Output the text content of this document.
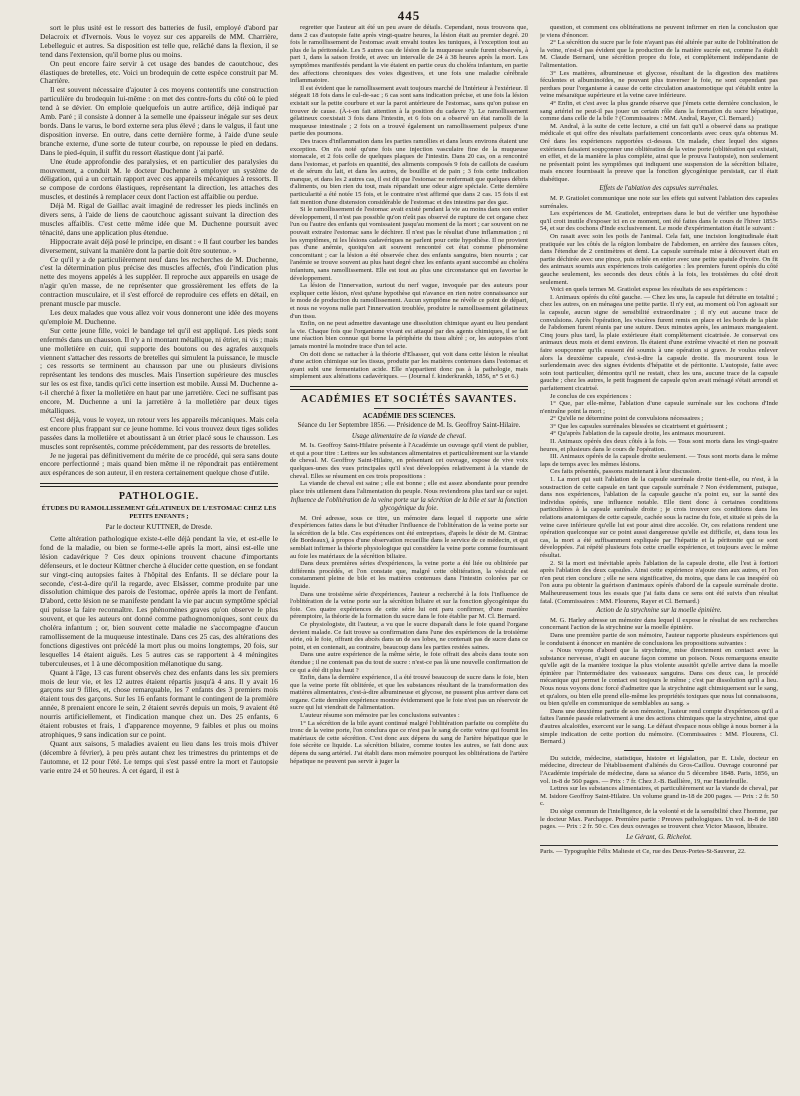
445

sort le plus usité est le ressort des batteries de fusil, employé d'abord par Delacroix et d'Ivernois. Vous le voyez sur ces appareils de MM. Charrière, Lebelleguic et autres. Sa disposition est telle que, relâché dans la flexion, il se tend dans l'extension, qu'il borne plus ou moins.

On peut encore faire servir à cet usage des bandes de caoutchouc, des élastiques de bretelles, etc. Voici un brodequin de cette espèce construit par M. Charrière.

Il est souvent nécessaire d'ajouter à ces moyens contentifs une construction particulière du brodequin lui-même : on met des contre-forts du côté où le pied tend à se dévier. On emploie quelquefois un autre artifice, déjà indiqué par Amb. Paré ; il consiste à donner à la semelle une épaisseur inégale sur ses deux bords. Dans le varus, le bord externe sera plus élevé ; dans le valgus, il faut une disposition inverse. En outre, dans cette dernière forme, à l'aide d'une seule branche externe, d'une sorte de tuteur courbe, on repousse le pied en dedans. Dans le pied-équin, il suffit du ressort élastique dont j'ai parlé.

Une étude approfondie des paralysies, et en particulier des paralysies du mouvement, a conduit M. le docteur Duchenne à employer un système de déligation, qui a un certain rapport avec ces appareils mécaniques à ressorts. Il se compose de cordons élastiques, représentant la direction, les attaches des muscles, et destinés à remplacer ceux dont l'action est affaiblie ou perdue.

Déjà M. Rigal de Gaillac avait imaginé de redresser les pieds inclinés en divers sens, à l'aide de liens de caoutchouc agissant suivant la direction des muscles affaiblis. C'est cette même idée que M. Duchenne poursuit avec ténacité, dans une application plus étendue.

Hippocrate avait déjà posé le principe, en disant : « Il faut courber les bandes diversement, suivant la manière dont la partie doit être soutenue. »

Ce qu'il y a de particulièrement neuf dans les recherches de M. Duchenne, c'est la détermination plus précise des muscles affectés, d'où l'indication plus nette des moyens appelés à les suppléer. Il reproche aux appareils en usage de n'agir qu'en masse, de ne représenter que grossièrement les effets de la contraction musculaire, et il s'est efforcé de reproduire ces effets en détail, en prenant muscle par muscle.

Les deux malades que vous allez voir vous donneront une idée des moyens qu'emploie M. Duchenne.

Sur cette jeune fille, voici le bandage tel qu'il est appliqué. Les pieds sont enfermés dans un chausson. Il n'y a ni montant métallique, ni étrier, ni vis ; mais une molletière en cuir, qui supporte des boutons ou des agrafes auxquels viennent s'attacher des ressorts de bretelles qui simulent la puissance, le muscle ; ces ressorts se terminent au chausson par une ou plusieurs divisions représentant les tendons des muscles. Mais l'insertion supérieure des muscles sur les os est fixe, tandis qu'ici cette insertion est mobile. Aussi M. Duchenne a-t-il cherché à fixer la molletière en haut par une jarretière. Ceci ne suffisant pas encore, M. Duchenne a uni la jarretière à la molletière par deux tiges métalliques.

C'est déjà, vous le voyez, un retour vers les appareils mécaniques. Mais cela est encore plus frappant sur ce jeune homme. Ici vous trouvez deux tiges solides passées dans la molletière et aboutissant à un étrier placé sous le chausson. Les muscles sont représentés, comme précédemment, par des ressorts de bretelles.

Je ne jugerai pas définitivement du mérite de ce procédé, qui sera sans doute encore perfectionné ; mais quand bien même il ne répondrait pas entièrement aux espérances de son auteur, il en restera certainement quelque chose d'utile.

PATHOLOGIE.
ÉTUDES DU RAMOLLISSEMENT GÉLATINEUX DE L'ESTOMAC CHEZ LES PETITS ENFANTS ;
Par le docteur KUTTNER, de Dresde.

Cette altération pathologique existe-t-elle déjà pendant la vie, et est-elle le fond de la maladie, ou bien se forme-t-elle après la mort, ainsi est-elle une lésion cadavérique ? Ces deux opinions trouvent chacune d'importants défenseurs, et le docteur Küttner cherche à élucider cette question, en se fondant sur vingt-cinq autopsies faites à l'hôpital des Enfants. Il se déclare pour la seconde, c'est-à-dire qu'il la regarde, avec Elsässer, comme produite par une dissolution chimique des parois de l'estomac, opérée après la mort de l'enfant. D'abord, cette lésion ne se manifeste pendant la vie par aucun symptôme spécial qui puisse la faire reconnaître. Les phénomènes graves qu'on observe le plus souvent, et que les auteurs ont donné comme pathognomoniques, sont ceux du choléra infantum ; or, bien souvent cette maladie ne s'accompagne d'aucun ramollissement de la muqueuse intestinale. Dans ces 25 cas, des altérations des fonctions digestives ont précédé la mort plus ou moins longtemps, 20 fois, sur lesquelles 14 étaient aiguës. Les 5 autres cas se rapportent à 4 méningites tuberculeuses, et 1 à une décomposition mélanotique du sang.

Quant à l'âge, 13 cas furent observés chez des enfants dans les six premiers mois de leur vie, et les 12 autres étaient répartis jusqu'à 4 ans. Il y avait 16 garçons sur 9 filles, et, chose remarquable, les 7 enfants des 3 premiers mois étaient tous des garçons. Sur les 16 enfants formant le contingent de la première année, 8 prenaient encore le sein, 2 étaient sevrés depuis un mois, 9 avaient été nourris artificiellement, et l'indication manque chez un. Des 25 enfants, 6 étaient robustes et frais, 1 d'apparence moyenne, 9 faibles et plus ou moins atrophiques, 9 sans indication sur ce point.

Quant aux saisons, 5 maladies avaient eu lieu dans les trois mois d'hiver (décembre à février), à peu près autant chez les trimestres du printemps et de l'automne, et 12 pour l'été. Le temps qui s'est passé entre la mort et l'autopsie varie entre 24 et 50 heures. À cet égard, il est à

regretter que l'auteur ait été un peu avare de détails. Cependant, nous trouvons que, dans 2 cas d'autopsie faite après vingt-quatre heures, la lésion était au premier degré. 20 fois le ramollissement de l'estomac avait envahi toutes les tuniques, à l'exception tout au plus de la péritonéale. Les 5 autres cas de lésion de la muqueuse seule furent observés, à part 1, dans la saison froide, et avec un intervalle de 24 à 38 heures après la mort. Les symptômes manifestés pendant la vie étaient en partie ceux du choléra infantum, en partie des affections chroniques des voies digestives, et une fois une maladie cérébrale inflammatoire.

Il est évident que le ramollissement avait toujours marché de l'intérieur à l'extérieur. Il siégeait 18 fois dans le cul-de-sac ; 6 cas sont sans indication précise, et une fois la lésion existait sur la petite courbure et sur la paroi antérieure de l'estomac, sans qu'on puisse en trouver de cause. (À-t-on fait attention à la position du cadavre ?). Le ramollissement gélatineux coexistait 3 fois dans l'intestin, et 6 fois on a observé un état ramolli de la muqueuse intestinale ; 2 fois on a trouvé également un ramollissement pulpeux d'une partie des poumons.

Des traces d'inflammation dans les parties ramollies et dans leurs environs étaient une exception. On n'a noté qu'une fois une injection vasculaire fine de la muqueuse stomacale, et 2 fois celle de quelques plaques de l'intestin. Dans 20 cas, on a rencontré dans l'estomac, et parfois en quantité, des aliments composés 9 fois de caillots de caséum et de sérum du lait, et dans les autres, de bouillie et de pain ; 3 fois cette indication manque, et dans les 2 autres cas, il est dit que l'estomac ne renfermait que quelques débris d'aliments, ou bien rien du tout, mais répandait une odeur aigre spéciale. Cette dernière particularité a été notée 15 fois, et le contraire n'est affirmé que dans 2 cas. 15 fois il est fait mention d'une distension considérable de l'estomac et des intestins par des gaz.

Si le ramollissement de l'estomac avait existé pendant la vie au moins dans son entier développement, il n'est pas possible qu'on n'eût pas observé de rupture de cet organe chez l'un ou l'autre des enfants qui vomissaient jusqu'au moment de la mort ; car souvent on ne pouvait extraire l'estomac sans le déchirer. Il n'est pas le résultat d'une inflammation ; ni les symptômes, ni les lésions cadavériques ne parlent pour cette hypothèse. Il ne provient pas d'une anémie, quoiqu'on ait souvent rencontré cet état comme phénomène concomitant ; car la lésion a été observée chez des enfants sanguins, bien nourris ; car l'anémie se trouve souvent au plus haut degré chez les enfants ayant succombé au choléra infantum, sans ramollissement. Elle est tout au plus une circonstance qui en favorise le développement.

La lésion de l'innervation, surtout du nerf vague, invoquée par des auteurs pour expliquer cette lésion, n'est qu'une hypothèse qui n'avance en rien notre connaissance sur le mode de production du ramollissement. Aucun symptôme ne révèle ce point de départ, et nous ne voyons nulle part l'innervation troublée, produire le ramollissement gélatineux d'un tissu.

Enfin, on ne peut admettre davantage une dissolution chimique ayant eu lieu pendant la vie. Chaque fois que l'organisme vivant est attaqué par des agents chimiques, il se fait une réaction bien connue qui borne la périphérie du tissu altéré ; or, les autopsies n'ont jamais montré la moindre trace d'un tel acte.

On doit donc se rattacher à la théorie d'Elsasser, qui voit dans cette lésion le résultat d'une action chimique sur les tissus, produite par les matières contenues dans l'estomac et ayant subi une fermentation acide. Elle n'appartient donc pas à la pathologie, mais simplement aux altérations cadavériques. — (Journal f. kinderkrankh, 1856, n° 5 et 6.)

ACADÉMIES ET SOCIÉTÉS SAVANTES.
ACADÉMIE DES SCIENCES.
Séance du 1er Septembre 1856. — Présidence de M. Is. Geoffroy Saint-Hilaire.
Usage alimentaire de la viande de cheval.

M. Is. Geoffroy Saint-Hilaire présente à l'Académie un ouvrage qu'il vient de publier, et qui a pour titre : Lettres sur les substances alimentaires et particulièrement sur la viande de cheval. M. Geoffroy Saint-Hilaire, en présentant cet ouvrage, expose de vive voix quelques-unes des vues principales qu'il s'est développées relativement à la viande de cheval. Elles se résument en ces trois propositions :

La viande de cheval est saine ; elle est bonne ; elle est assez abondante pour prendre place très utilement dans l'alimentation du peuple. Nous reviendrons plus tard sur ce sujet.

Influence de l'oblitération de la veine porte sur la sécrétion de la bile et sur la fonction glycogénique du foie.

M. Oré adresse, sous ce titre, un mémoire dans lequel il rapporte une série d'expériences faites dans le but d'étudier l'influence de l'oblitération de la veine porte sur la sécrétion de la bile. Ces expériences ont été entreprises, d'après le désir de M. Gintrac (de Bordeaux), à propos d'une observation recueillie dans le service de ce médecin, et qui semblait infirmer la théorie physiologique qui considère la veine porte comme fournissant au foie les matériaux de la sécrétion biliaire.

Dans deux premières séries d'expériences, la veine porte a été liée ou oblitérée par différents procédés, et l'on constate que, malgré cette oblitération, la vésicule est constamment pleine de bile et les matières contenues dans l'intestin colorées par ce liquide.

Dans une troisième série d'expériences, l'auteur a recherché à la fois l'influence de l'oblitération de la veine porte sur la sécrétion biliaire et sur la fonction glycogénique du foie. Ces quatre expériences de cette série lui ont paru confirmer, d'une manière péremptoire, la théorie de la formation du sucre dans le foie établie par M. Cl. Bernard.

Ce physiologiste, dit l'auteur, a vu que le sucre disparaît dans le foie quand l'organe devient malade. Ce fait trouve sa confirmation dans l'une des expériences de la troisième série, où le foie, offrant des abcès dans un de ses lobes, ne contenait pas de sucre dans ce point, et en contenait, au contraire, beaucoup dans les parties restées saines.

Dans une autre expérience de la même série, le foie offrait des abcès dans toute son étendue ; il ne contenait pas du tout de sucre : n'est-ce pas là une nouvelle confirmation de ce qui a été dit plus haut ?

Enfin, dans la dernière expérience, il a été trouvé beaucoup de sucre dans le foie, bien que la veine porte fût oblitérée, et que les substances résultant de la transformation des matières alimentaires, c'est-à-dire albumineuse et glycose, ne pussent plus arriver dans cet organe. Cette dernière expérience montre évidemment que le foie n'est pas un réservoir de sucre qui lui viendrait de l'alimentation.

L'auteur résume son mémoire par les conclusions suivantes :

1° La sécrétion de la bile ayant continué malgré l'oblitération parfaite ou complète du tronc de la veine porte, l'on conclura que ce n'est pas le sang de cette veine qui fournit les matériaux de cette sécrétion. C'est donc aux dépens du sang de l'artère hépatique que le foie sécrète ce liquide. La sécrétion biliaire, comme toutes les autres, se fait donc aux dépens du sang artériel. J'ai établi dans mon mémoire pourquoi les oblitérations de l'artère hépatique ne peuvent pas servir à juger la

question, et comment ces oblitérations ne peuvent infirmer en rien la conclusion que je viens d'énoncer.

2° La sécrétion du sucre par le foie n'ayant pas été altérée par suite de l'oblitération de la veine, n'est-il pas évident que la production de la matière sucrée est, comme l'a établi M. Claude Bernard, une sécrétion propre du foie, et complètement indépendante de l'alimentation.

3° Les matières, albumineuse et glycose, résultant de la digestion des matières féculentes et albuminoïdes, ne pouvant plus traverser le foie, ne sont cependant pas perdues pour l'organisme à cause de cette circulation anastomotique qui s'établit entre la veine mésaraïque supérieure et la veine cave inférieure.

4° Enfin, et c'est avec la plus grande réserve que j'émets cette dernière conclusion, le sang artériel ne peut-il pas jouer un certain rôle dans la formation du sucre hépatique, comme dans celle de la bile ? (Commissaires : MM. Andral, Rayer, Cl. Bernard.)

M. Andral, à la suite de cette lecture, a cité un fait qu'il a observé dans sa pratique médicale et qui offre des résultats parfaitement concordants avec ceux qu'a obtenus M. Oré dans les expériences rapportées ci-dessus. Un malade, chez lequel des signes extérieurs faisaient soupçonner une oblitération de la veine porte (oblitération qui existait, en effet, et de la manière la plus complète, ainsi que le prouva l'autopsie), non seulement ne présentait point les symptômes qui indiquent une suspension de la sécrétion biliaire, mais encore fournissait la preuve que la fonction glycogénique persistait, car il était diabétique.

Effets de l'ablation des capsules surrénales.

M. P. Gratiolet communique une note sur les effets qui suivent l'ablation des capsules surrénales.

Les expériences de M. Gratiolet, entreprises dans le but de vérifier une hypothèse qu'il croit inutile d'exposer ici en ce moment, ont été faites dans le cours de l'hiver 1853-54, et sur des cochons d'Inde exclusivement. Le mode d'expérimentation était le suivant :

On rasait avec soin les poils de l'animal. Cela fait, une incision longitudinale était pratiquée sur les côtés de la région lombaire de l'abdomen, en arrière des fausses côtes, dans l'étendue de 2 centimètres et demi. La capsule surrénale mise à découvert était en partie déchirée avec une pince, puis reliée en entier avec une petite spatule d'ivoire. On fit des animaux soumis aux expériences trois catégories : les premiers furent opérés du côté gauche seulement, les seconds des deux côtés à la fois, les troisièmes du côté droit seulement.

Voici en quels termes M. Gratiolet expose les résultats de ses expériences :

I. Animaux opérés du côté gauche. — Chez les uns, la capsule fut détruite en totalité ; chez les autres, on en ménagea une petite partie. Il n'y eut, au moment où l'on agissait sur la capsule, aucun signe de sensibilité extraordinaire ; il n'y eut aucune trace de convulsions. Après l'opération, les viscères furent remis en place et les bords de la plaie de l'abdomen furent réunis par une suture. Deux minutes après, les animaux mangeaient. Cinq jours plus tard, la plaie extérieure était complètement cicatrisée. Je conservai ces animaux deux mois et demi environ. Ils étaient d'une extrême vivacité et rien ne pouvait faire soupçonner qu'ils eussent été soumis à une opération si grave. Je voulus enlever alors la deuxième capsule, c'est-à-dire la capsule droite. Ils moururent tous le surlendemain avec des signes évidents d'hépatite et de péritonite. L'autopsie, faite avec soin tout particulier, démontra qu'il ne restait, chez les uns, aucune trace de la capsule gauche ; chez les autres, le petit fragment de capsule qu'on avait ménagé s'était arrondi et parfaitement cicatrisé.

Je conclus de ces expériences :

1° Que, par elle-même, l'ablation d'une capsule surrénale sur les cochons d'Inde n'entraîne point la mort ;

2° Qu'elle ne détermine point de convulsions nécessaires ;

3° Que les capsules surrénales blessées se cicatrisent et guérissent ;

4° Qu'après l'ablation de la capsule droite, les animaux moururent.

II. Animaux opérés des deux côtés à la fois. — Tous sont morts dans les vingt-quatre heures, et plusieurs dans le cours de l'opération.

III. Animaux opérés de la capsule droite seulement. — Tous sont morts dans le même laps de temps avec les mêmes lésions.

Ces faits présentés, passons maintenant à leur discussion.

1. La mort qui suit l'ablation de la capsule surrénale droite tient-elle, ou n'est, à la soustraction de cette capsule en tant que capsule surrénale ? Non évidemment, puisque, dans nos expériences, l'ablation de la capsule gauche n'a point eu, sur la santé des individus opérés, une influence notable. Elle tient donc à certaines conditions particulières à la capsule surrénale droite ; je crois trouver ces conditions dans les relations anatomiques de cette capsule, cachée sous la racine du foie, et située si près de la veine cave inférieure qu'elle lui est pour ainsi dire accolée. Or, ces relations rendent une opération quelconque sur ce point aussi dangereuse qu'elle est difficile, et, dans tous les cas, la mort a été suffisamment expliquée par l'hépatite et la péritonite qui se sont développées. J'ai répété plusieurs fois cette cruelle expérience, et toujours avec le même résultat.

2. Si la mort est inévitable après l'ablation de la capsule droite, elle l'est à fortiori après l'ablation des deux capsules. Ainsi cette expérience n'ajoute rien aux autres, et l'on n'en peut rien conclure ; elle ne sera significative, du moins, que dans le cas inespéré où l'on aura pu obtenir la guérison d'animaux opérés d'abord de la capsule surrénale droite. Malheureusement tous les essais que j'ai faits dans ce sens ont été suivis d'un résultat fatal. (Commissaires : MM. Flourens, Rayer et Cl. Bernard.)

Action de la strychnine sur la moelle épinière.

M. G. Harley adresse un mémoire dans lequel il expose le résultat de ses recherches concernant l'action de la strychnine sur la moelle épinière.

Dans une première partie de son mémoire, l'auteur rapporte plusieurs expériences qui le conduisent à énoncer en manière de conclusions les propositions suivantes :

« Nous voyons d'abord que la strychnine, mise directement en contact avec la substance nerveuse, n'agit en aucune façon comme un poison. Nous remarquons ensuite qu'elle agit de la manière toxique la plus violente aussitôt qu'elle arrive dans la moelle épinière par l'intermédiaire des vaisseaux sanguins. Dans ces deux cas, le procédé mécanique qui permet le contact est toujours le même ; c'est par dissolution qu'il a lieu. Nous nous voyons donc forcé d'admettre que la strychnine agit chimiquement sur le sang, et qu'alors, ou bien elle prend elle-même les propriétés toxiques que nous lui connaissons, ou bien qu'elle en communique de semblables au sang. »

Dans une deuxième partie de son mémoire, l'auteur rend compte d'expériences qu'il a faites l'année passée relativement à une des actions chimiques que la strychnine, ainsi que d'autres alcaloïdes, exercent sur le sang. Le défaut d'espace nous oblige à nous borner à la simple indication de cette portion du mémoire. (Commissaires : MM. Flourens, Cl. Bernard.)

Du suicide, médecine, statistique, histoire et législation, par E. Lisle, docteur en médecine, directeur de l'établissement d'aliénés du Gros-Caillou. Ouvrage couronné par l'Académie impériale de médecine, dans sa séance du 5 décembre 1848. Paris, 1856, un vol. in-8 de 560 pages. — Prix : 7 fr. Chez J.-B. Baillière, 19, rue Hautefeuille.

Lettres sur les substances alimentaires, et particulièrement sur la viande de cheval, par M. Isidore Geoffroy Saint-Hilaire. Un volume grand in-18 de 200 pages. — Prix : 2 fr. 50 c.

Du siège commun de l'intelligence, de la volonté et de la sensibilité chez l'homme, par le docteur Max. Parchappe. Première partie : Preuves pathologiques. Un vol. in-8 de 180 pages. — Prix : 2 fr. 50 c. Ces deux ouvrages se trouvent chez Victor Masson, libraire.

Le Gérant, G. Richelot.
Paris. — Typographie Félix Malteste et Ce, rue des Deux-Portes-St-Sauveur, 22.
